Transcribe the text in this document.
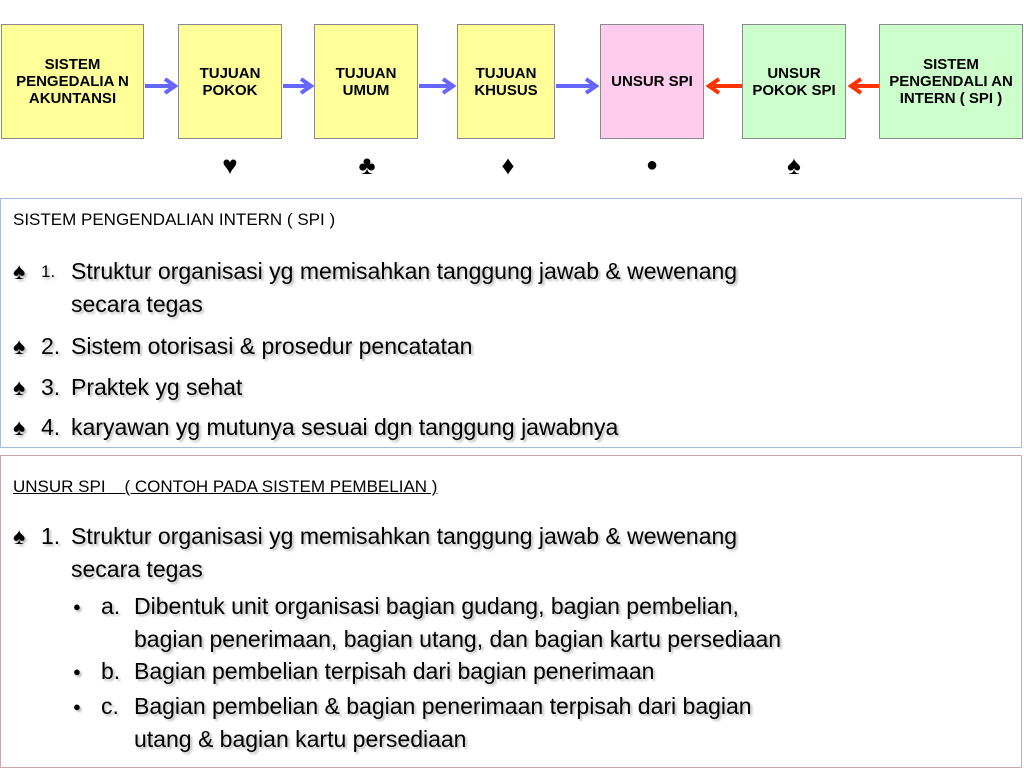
SISTEM PENGEDALIA N AKUNTANSI
TUJUAN POKOK
TUJUAN UMUM
TUJUAN KHUSUS	UNSUR SPI	UNSUR POKOK SPI
SISTEM PENGENDALI AN INTERN ( SPI )
♥	♣	♦	●	♠
SISTEM PENGENDALIAN INTERN ( SPI )
♠ 1. Struktur organisasi yg memisahkan tanggung jawab & wewenang
secara tegas
♠ 2. Sistem otorisasi & prosedur pencatatan
♠ 3. Praktek yg sehat
♠ 4. karyawan yg mutunya sesuai dgn tanggung jawabnya
UNSUR SPI    ( CONTOH PADA SISTEM PEMBELIAN )
♠ 1. Struktur organisasi yg memisahkan tanggung jawab & wewenang
secara tegas
● a. Dibentuk unit organisasi bagian gudang, bagian pembelian,
bagian penerimaan, bagian utang, dan bagian kartu persediaan
● b. Bagian pembelian terpisah dari bagian penerimaan
● c. Bagian pembelian & bagian penerimaan terpisah dari bagian
utang & bagian kartu persediaan
